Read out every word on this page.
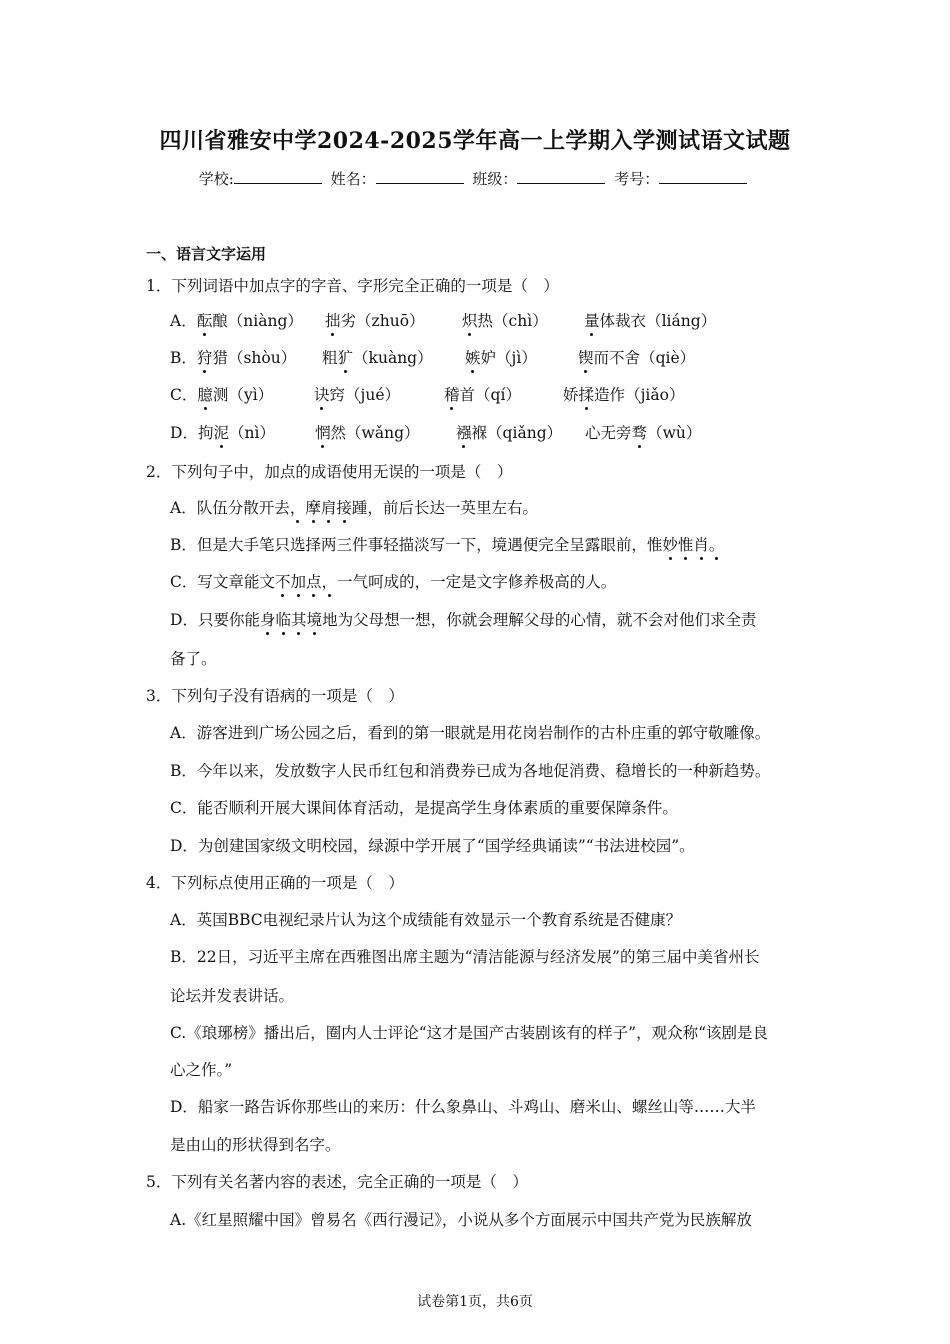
四川省雅安中学2024-2025学年高一上学期入学测试语文试题
学校:	姓名：	班级：	考号：
一、语言文字运用
1．下列词语中加点字的字音、字形完全正确的一项是（　）
A．酝酿（niàng） 拙劣（zhuō） 炽热（chì） 量体裁衣（liáng）
B．狩猎（shòu） 粗犷（kuàng） 嫉妒（jì）	锲而不舍（qiè）
C．臆测（yì）	诀窍（jué）	稽首（qí）	娇揉造作（jiǎo）
D．拘泥（nì）	惘然（wǎng） 襁褓（qiǎng） 心无旁骛（wù）
2．下列句子中，加点的成语使用无误的一项是（　）
A．队伍分散开去，摩肩接踵，前后长达一英里左右。
B．但是大手笔只选择两三件事轻描淡写一下，境遇便完全呈露眼前，惟妙惟肖。
C．写文章能文不加点，一气呵成的，一定是文字修养极高的人。
D．只要你能身临其境地为父母想一想，你就会理解父母的心情，就不会对他们求全责
备了。
3．下列句子没有语病的一项是（　）
A．游客进到广场公园之后，看到的第一眼就是用花岗岩制作的古朴庄重的郭守敬雕像。
B．今年以来，发放数字人民币红包和消费券已成为各地促消费、稳增长的一种新趋势。
C．能否顺利开展大课间体育活动，是提高学生身体素质的重要保障条件。
D．为创建国家级文明校园，绿源中学开展了“国学经典诵读”“书法进校园”。
4．下列标点使用正确的一项是（　）
A．英国BBC电视纪录片认为这个成绩能有效显示一个教育系统是否健康？
B．22日，习近平主席在西雅图出席主题为“清洁能源与经济发展”的第三届中美省州长
论坛并发表讲话。
C.《琅琊榜》播出后，圈内人士评论“这才是国产古装剧该有的样子”，观众称“该剧是良
心之作。”
D．船家一路告诉你那些山的来历：什么象鼻山、斗鸡山、磨米山、螺丝山等……大半
是由山的形状得到名字。
5．下列有关名著内容的表述，完全正确的一项是（　）
A.《红星照耀中国》曾易名《西行漫记》，小说从多个方面展示中国共产党为民族解放
试卷第1页，共6页
